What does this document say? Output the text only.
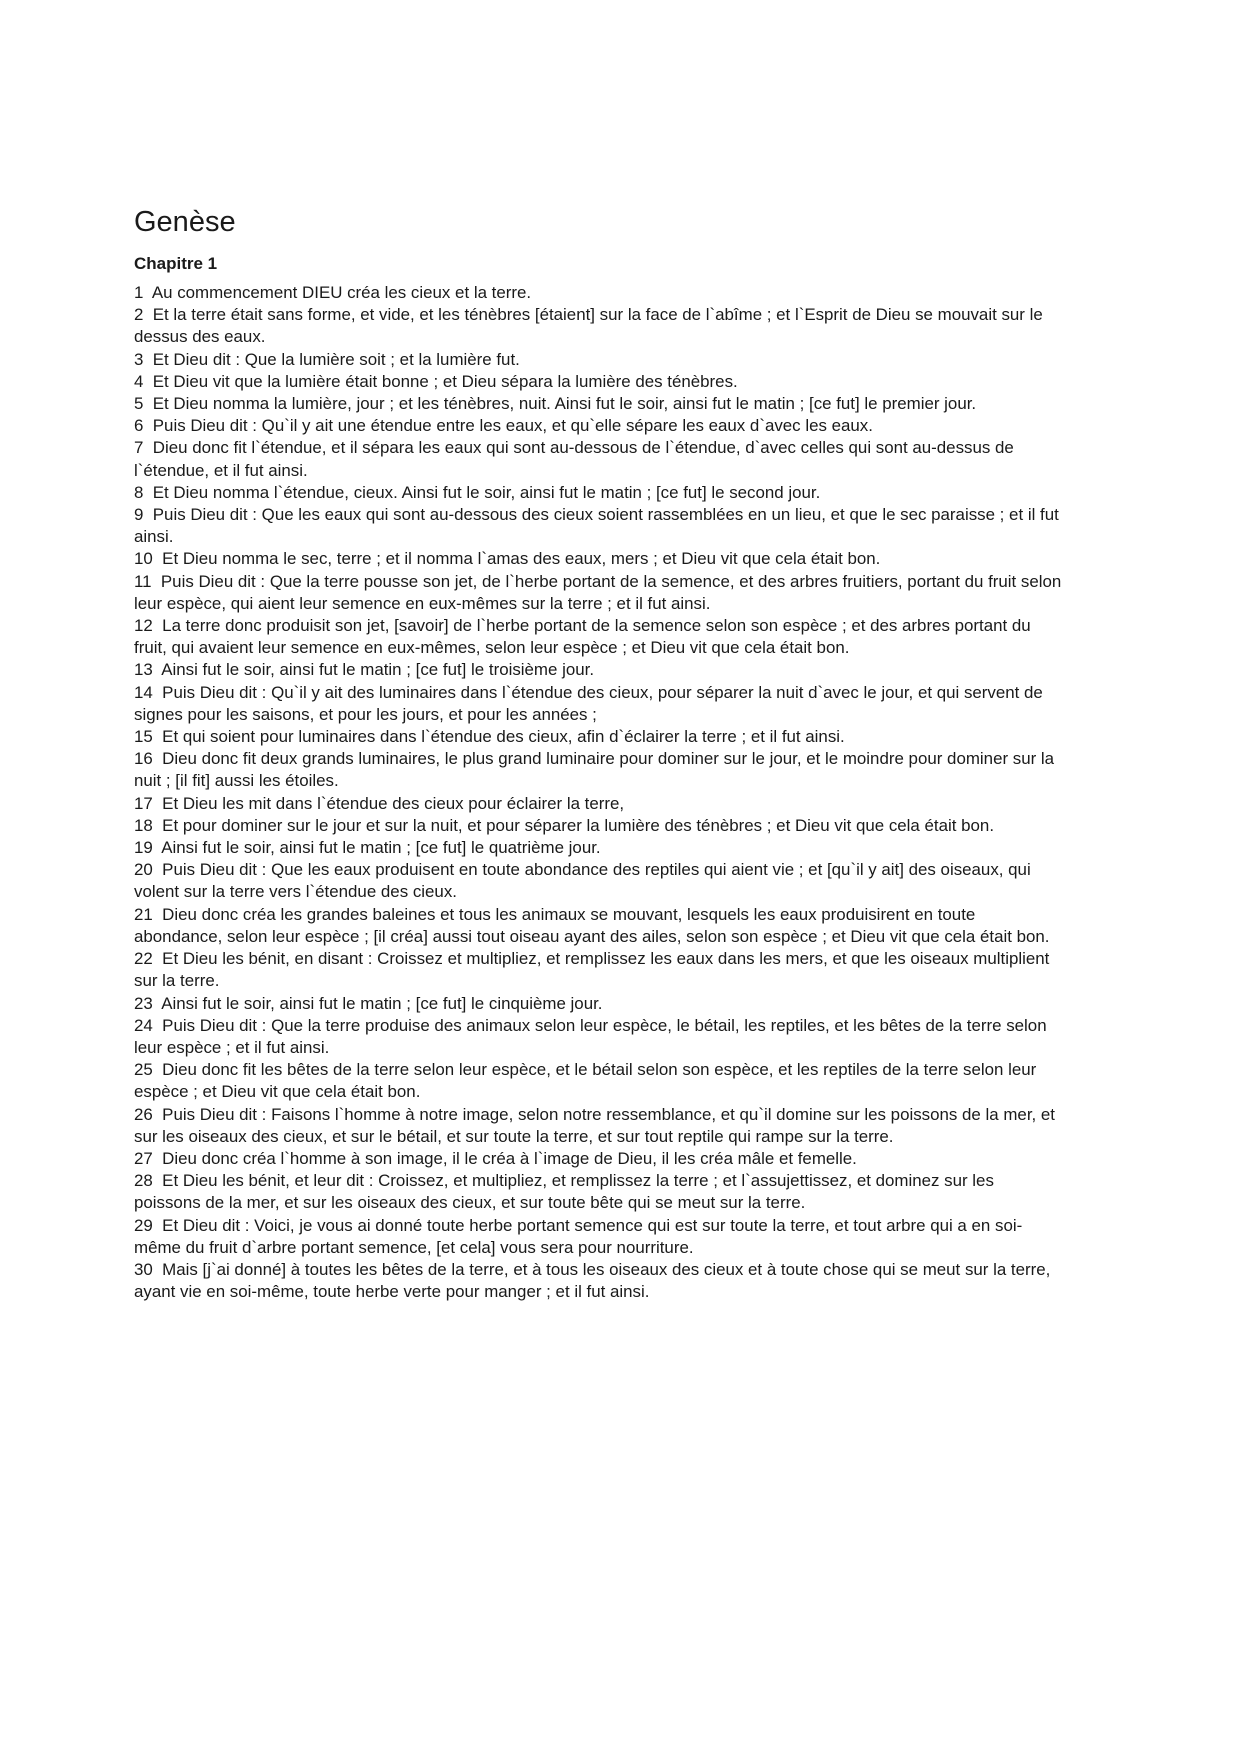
Genèse
Chapitre 1
1  Au commencement DIEU créa les cieux et la terre.
2  Et la terre était sans forme, et vide, et les ténèbres [étaient] sur la face de l`abîme ; et l`Esprit de Dieu se mouvait sur le dessus des eaux.
3  Et Dieu dit : Que la lumière soit ; et la lumière fut.
4  Et Dieu vit que la lumière était bonne ; et Dieu sépara la lumière des ténèbres.
5  Et Dieu nomma la lumière, jour ; et les ténèbres, nuit. Ainsi fut le soir, ainsi fut le matin ; [ce fut] le premier jour.
6  Puis Dieu dit : Qu`il y ait une étendue entre les eaux, et qu`elle sépare les eaux d`avec les eaux.
7  Dieu donc fit l`étendue, et il sépara les eaux qui sont au-dessous de l`étendue, d`avec celles qui sont au-dessus de l`étendue, et il fut ainsi.
8  Et Dieu nomma l`étendue, cieux. Ainsi fut le soir, ainsi fut le matin ; [ce fut] le second jour.
9  Puis Dieu dit : Que les eaux qui sont au-dessous des cieux soient rassemblées en un lieu, et que le sec paraisse ; et il fut ainsi.
10  Et Dieu nomma le sec, terre ; et il nomma l`amas des eaux, mers ; et Dieu vit que cela était bon.
11  Puis Dieu dit : Que la terre pousse son jet, de l`herbe portant de la semence, et des arbres fruitiers, portant du fruit selon leur espèce, qui aient leur semence en eux-mêmes sur la terre ; et il fut ainsi.
12  La terre donc produisit son jet, [savoir] de l`herbe portant de la semence selon son espèce ; et des arbres portant du fruit, qui avaient leur semence en eux-mêmes, selon leur espèce ; et Dieu vit que cela était bon.
13  Ainsi fut le soir, ainsi fut le matin ; [ce fut] le troisième jour.
14  Puis Dieu dit : Qu`il y ait des luminaires dans l`étendue des cieux, pour séparer la nuit d`avec le jour, et qui servent de signes pour les saisons, et pour les jours, et pour les années ;
15  Et qui soient pour luminaires dans l`étendue des cieux, afin d`éclairer la terre ; et il fut ainsi.
16  Dieu donc fit deux grands luminaires, le plus grand luminaire pour dominer sur le jour, et le moindre pour dominer sur la nuit ; [il fit] aussi les étoiles.
17  Et Dieu les mit dans l`étendue des cieux pour éclairer la terre,
18  Et pour dominer sur le jour et sur la nuit, et pour séparer la lumière des ténèbres ; et Dieu vit que cela était bon.
19  Ainsi fut le soir, ainsi fut le matin ; [ce fut] le quatrième jour.
20  Puis Dieu dit : Que les eaux produisent en toute abondance des reptiles qui aient vie ; et [qu`il y ait] des oiseaux, qui volent sur la terre vers l`étendue des cieux.
21  Dieu donc créa les grandes baleines et tous les animaux se mouvant, lesquels les eaux produisirent en toute abondance, selon leur espèce ; [il créa] aussi tout oiseau ayant des ailes, selon son espèce ; et Dieu vit que cela était bon.
22  Et Dieu les bénit, en disant : Croissez et multipliez, et remplissez les eaux dans les mers, et que les oiseaux multiplient sur la terre.
23  Ainsi fut le soir, ainsi fut le matin ; [ce fut] le cinquième jour.
24  Puis Dieu dit : Que la terre produise des animaux selon leur espèce, le bétail, les reptiles, et les bêtes de la terre selon leur espèce ; et il fut ainsi.
25  Dieu donc fit les bêtes de la terre selon leur espèce, et le bétail selon son espèce, et les reptiles de la terre selon leur espèce ; et Dieu vit que cela était bon.
26  Puis Dieu dit : Faisons l`homme à notre image, selon notre ressemblance, et qu`il domine sur les poissons de la mer, et sur les oiseaux des cieux, et sur le bétail, et sur toute la terre, et sur tout reptile qui rampe sur la terre.
27  Dieu donc créa l`homme à son image, il le créa à l`image de Dieu, il les créa mâle et femelle.
28  Et Dieu les bénit, et leur dit : Croissez, et multipliez, et remplissez la terre ; et l`assujettissez, et dominez sur les poissons de la mer, et sur les oiseaux des cieux, et sur toute bête qui se meut sur la terre.
29  Et Dieu dit : Voici, je vous ai donné toute herbe portant semence qui est sur toute la terre, et tout arbre qui a en soi-même du fruit d`arbre portant semence, [et cela] vous sera pour nourriture.
30  Mais [j`ai donné] à toutes les bêtes de la terre, et à tous les oiseaux des cieux et à toute chose qui se meut sur la terre, ayant vie en soi-même, toute herbe verte pour manger ; et il fut ainsi.
